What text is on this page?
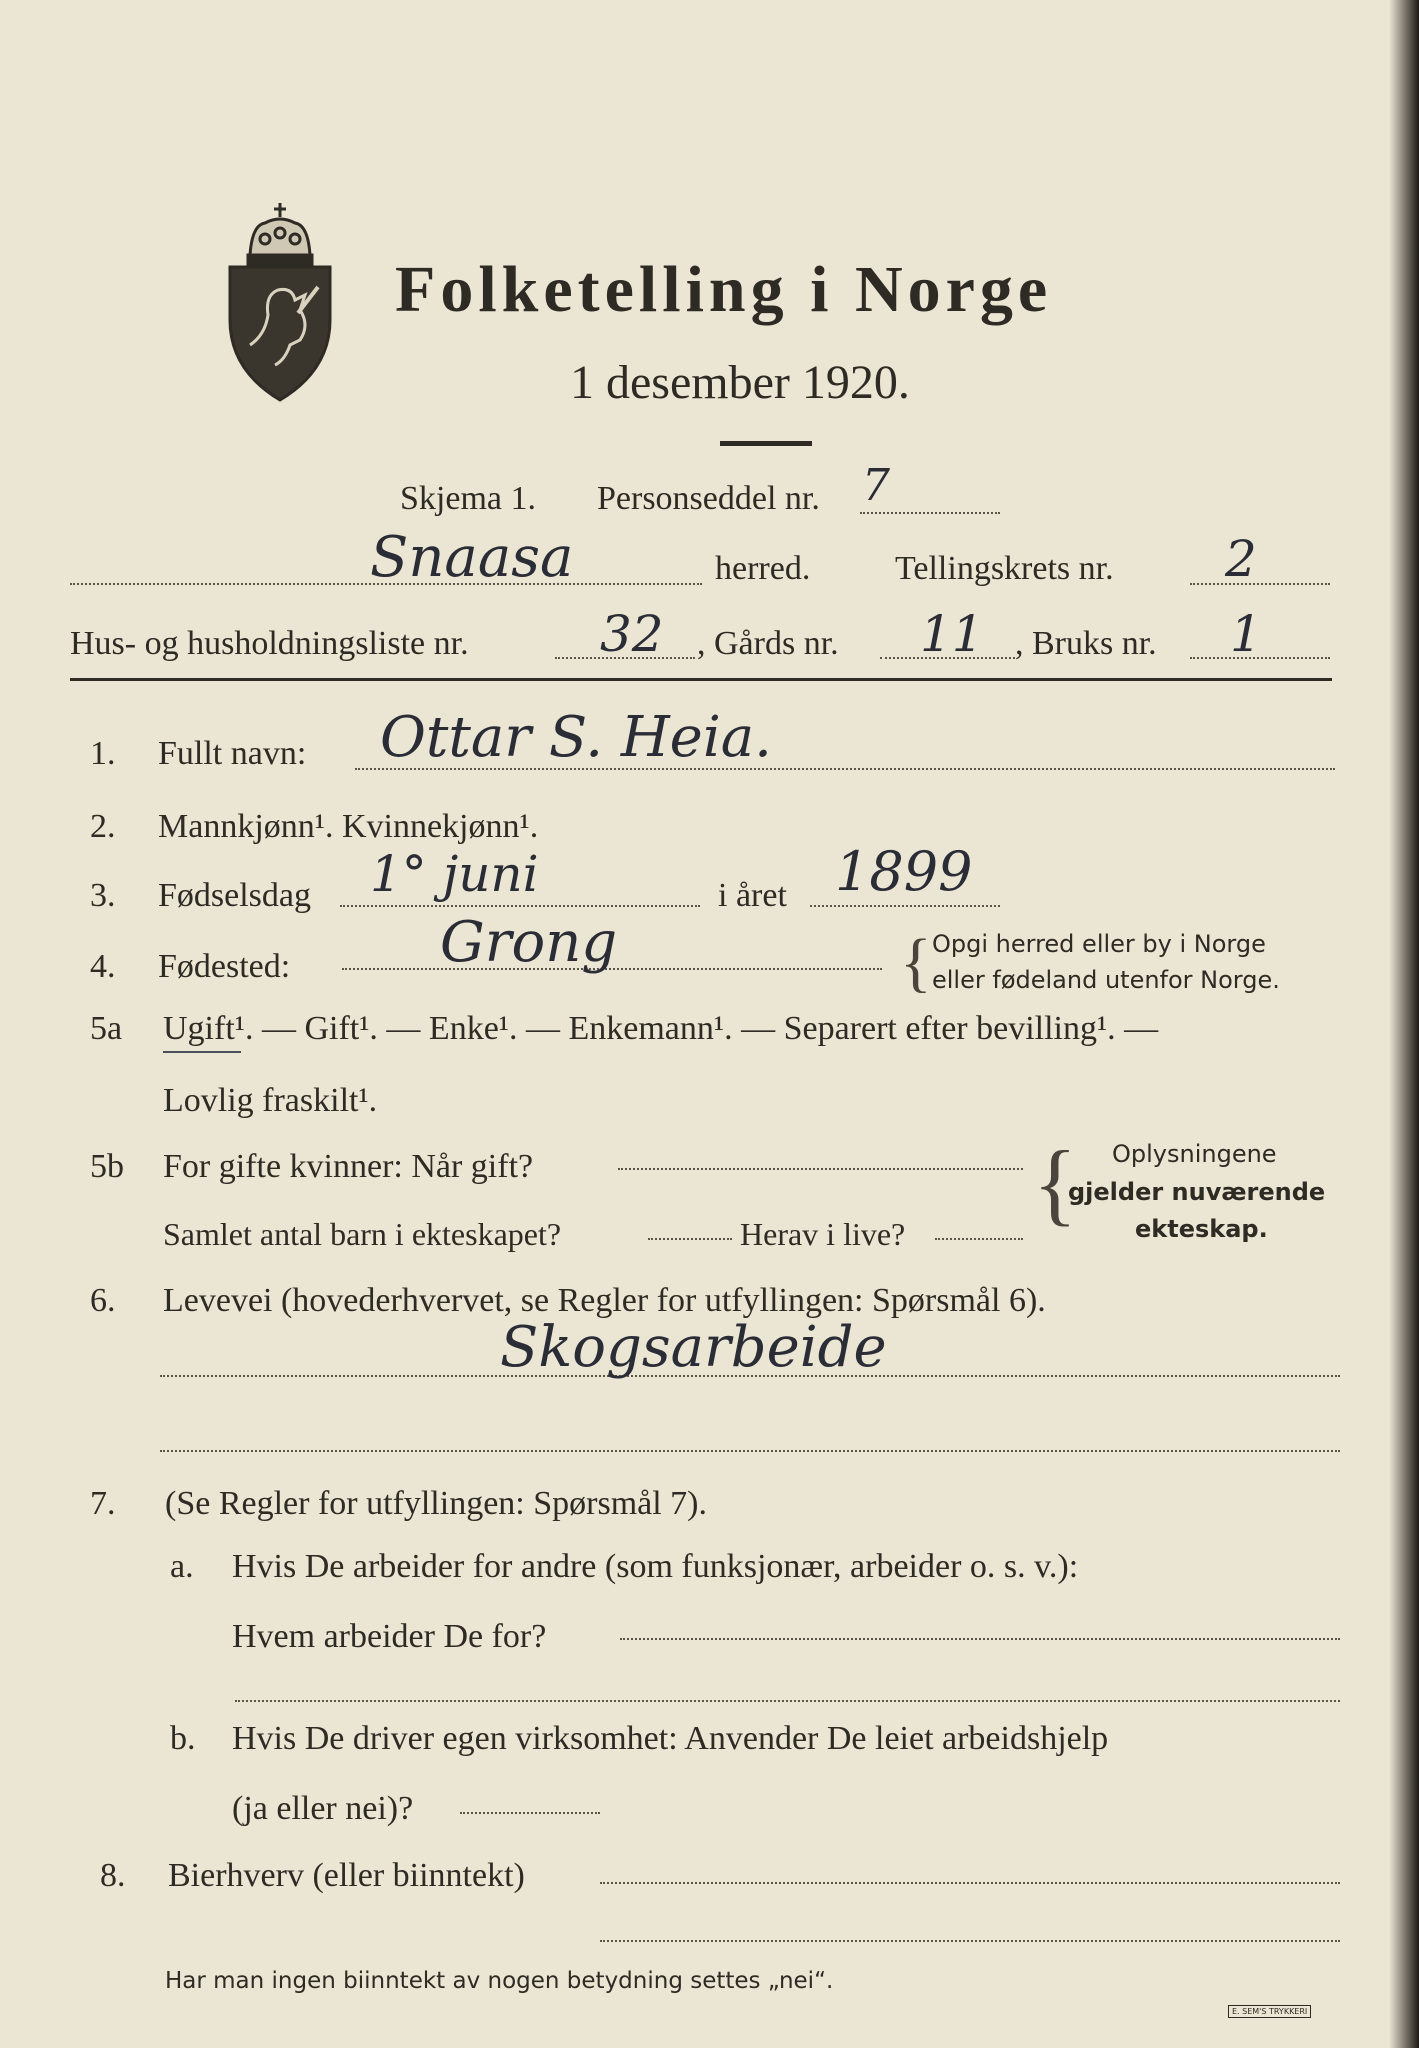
Folketelling i Norge
1 desember 1920.
Skjema 1. Personseddel nr. 7
Snaasa	herred. Tellingskrets nr. 2
Hus- og husholdningsliste nr.	32 , Gårds nr. 11 , Bruks nr. 1
1. Fullt navn: Ottar S. Heia.
2. Mannkjønn¹. Kvinnekjønn¹.
3. Fødselsdag 1° juni	i året 1899
4. Fødested:	Grong	{ Opgi herred eller by i Norge
eller fødeland utenfor Norge.
5a Ugift¹. — Gift¹. — Enke¹. — Enkemann¹. — Separert efter bevilling¹. —
Lovlig fraskilt¹.
5b For gifte kvinner: Når gift?
Samlet antal barn i ekteskapet?	Herav i live? { Oplysningene
gjelder nuværende
ekteskap.
6. Levevei (hovederhvervet, se Regler for utfyllingen: Spørsmål 6).
Skogsarbeide
7. (Se Regler for utfyllingen: Spørsmål 7).
a. Hvis De arbeider for andre (som funksjonær, arbeider o. s. v.):
Hvem arbeider De for?
b. Hvis De driver egen virksomhet: Anvender De leiet arbeidshjelp
(ja eller nei)?
8. Bierhverv (eller biinntekt)
Har man ingen biinntekt av nogen betydning settes „nei“.
E. SEM'S TRYKKERI
